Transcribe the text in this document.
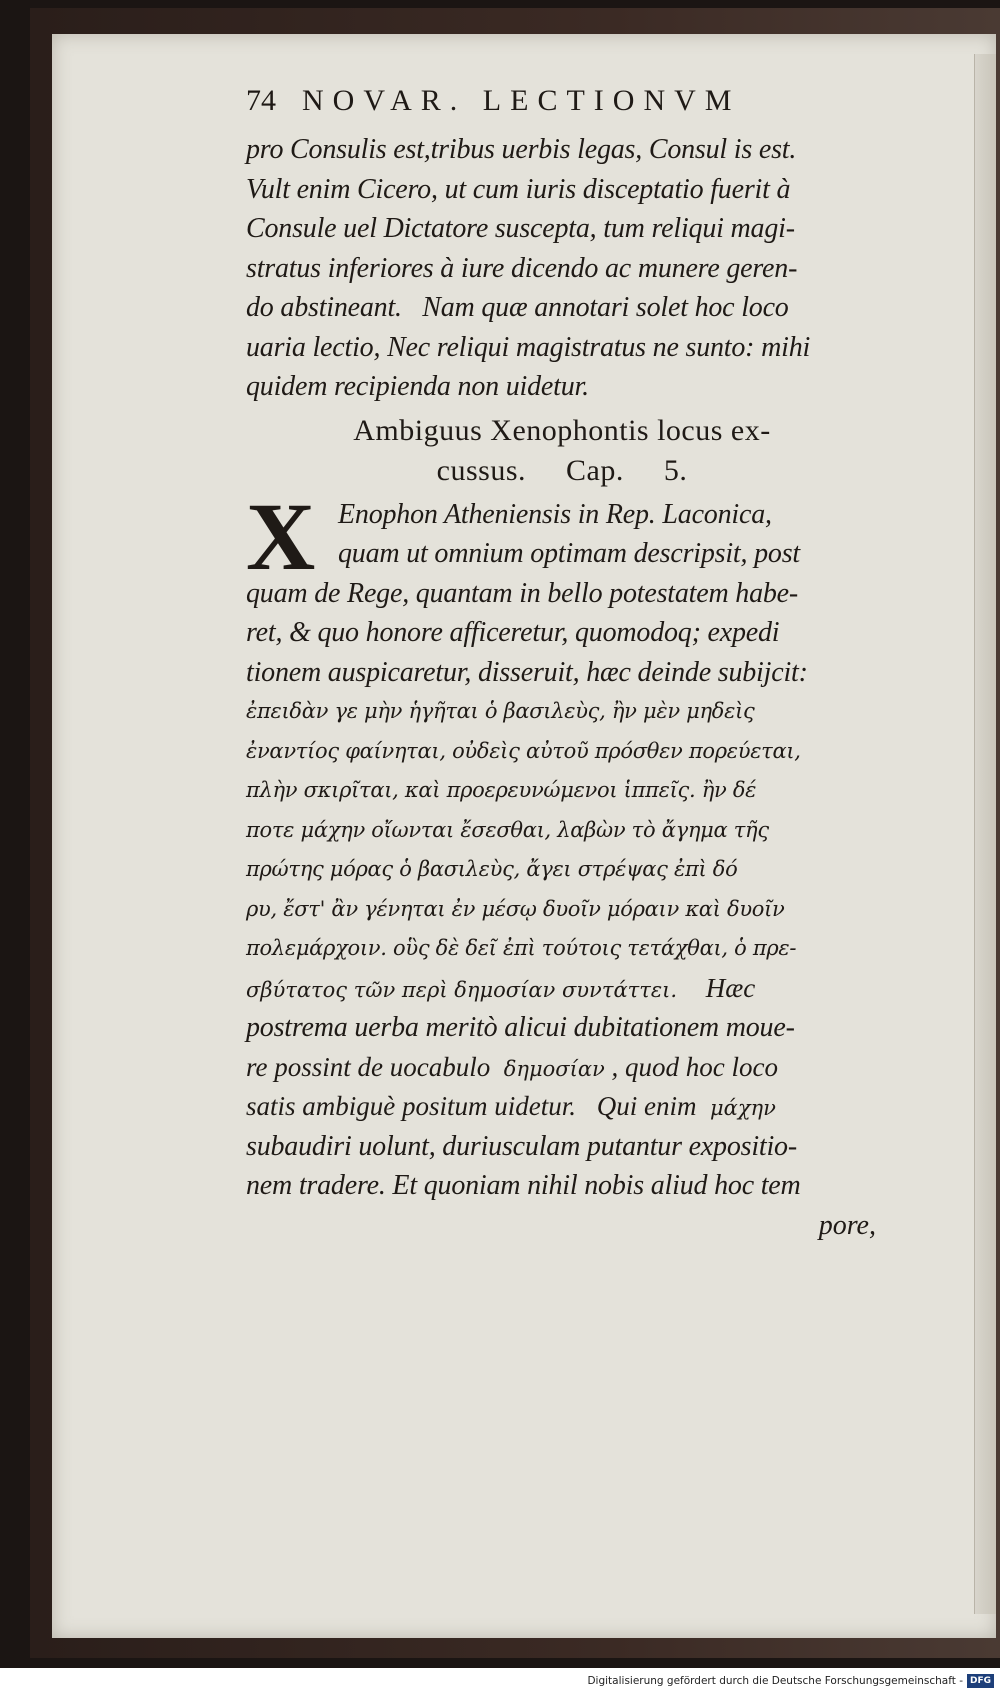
74 NOVAR. LECTIONVM
pro Consulis est,tribus uerbis legas, Consul is est.
Vult enim Cicero, ut cum iuris disceptatio fuerit à
Consule uel Dictatore suscepta, tum reliqui magi-
stratus inferiores à iure dicendo ac munere geren-
do abstineant.   Nam quæ annotari solet hoc loco
uaria lectio, Nec reliqui magistratus ne sunto: mihi
quidem recipienda non uidetur.
Ambiguus Xenophontis locus ex-
cussus.     Cap.     5.
X Enophon Atheniensis in Rep. Laconica,
quam ut omnium optimam descripsit, post
quam de Rege, quantam in bello potestatem habe-
ret, & quo honore afficeretur, quomodoq; expedi
tionem auspicaretur, disseruit, hæc deinde subijcit:
ἐπειδὰν γε μὴν ἡγῆται ὁ βασιλεὺς, ἢν μὲν μηδεὶς
ἐναντίος φαίνηται, οὐδεὶς αὐτοῦ πρόσθεν πορεύεται,
πλὴν σκιρῖται, καὶ προερευνώμενοι ἱππεῖς. ἢν δέ
ποτε μάχην οἴωνται ἔσεσθαι, λαβὼν τὸ ἄγημα τῆς
πρώτης μόρας ὁ βασιλεὺς, ἄγει στρέψας ἐπὶ δό
ρυ, ἔστ' ἂν γένηται ἐν μέσῳ δυοῖν μόραιν καὶ δυοῖν
πολεμάρχοιν. οὓς δὲ δεῖ ἐπὶ τούτοις τετάχθαι, ὁ πρε-
σβύτατος τῶν περὶ δημοσίαν συντάττει. Hæc
postrema uerba meritò alicui dubitationem moue-
re possint de uocabulo  δημοσίαν , quod hoc loco
satis ambiguè positum uidetur. Qui enim  μάχην
subaudiri uolunt, duriusculam putantur expositio-
nem tradere. Et quoniam nihil nobis aliud hoc tem
pore,
Digitalisierung gefördert durch die Deutsche Forschungsgemeinschaft - DFG
